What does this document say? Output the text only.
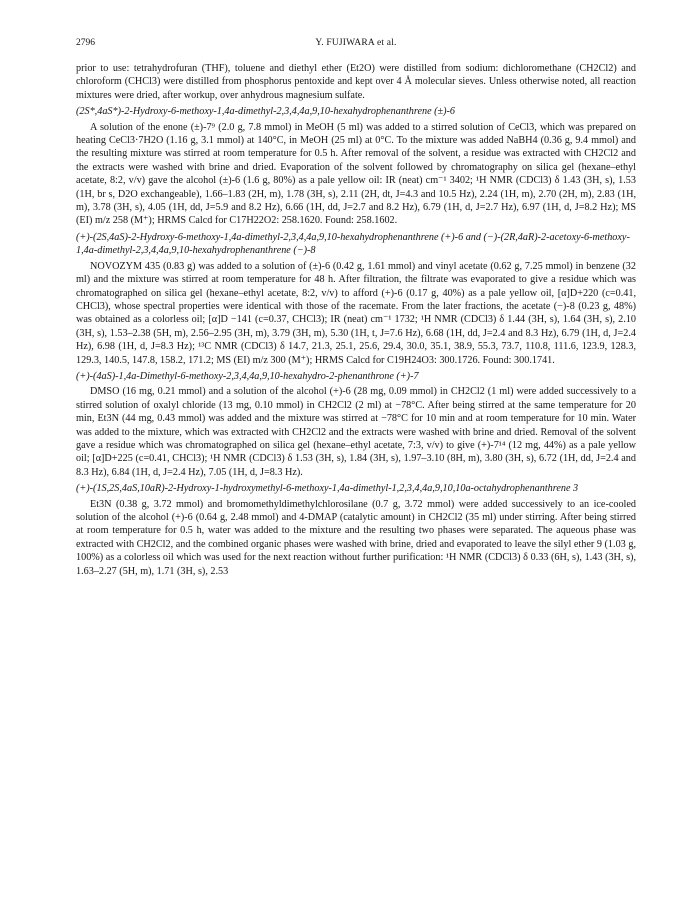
2796	Y. FUJIWARA et al.

prior to use: tetrahydrofuran (THF), toluene and diethyl ether (Et2O) were distilled from sodium: dichloromethane (CH2Cl2) and chloroform (CHCl3) were distilled from phosphorus pentoxide and kept over 4 Å molecular sieves. Unless otherwise noted, all reaction mixtures were dried, after workup, over anhydrous magnesium sulfate.

(2S*,4aS*)-2-Hydroxy-6-methoxy-1,4a-dimethyl-2,3,4,4a,9,10-hexahydrophenanthrene (±)-6

A solution of the enone (±)-7⁹ (2.0 g, 7.8 mmol) in MeOH (5 ml) was added to a stirred solution of CeCl3, which was prepared on heating CeCl3·7H2O (1.16 g, 3.1 mmol) at 140°C, in MeOH (25 ml) at 0°C. To the mixture was added NaBH4 (0.36 g, 9.4 mmol) and the resulting mixture was stirred at room temperature for 0.5 h. After removal of the solvent, a residue was extracted with CH2Cl2 and the extracts were washed with brine and dried. Evaporation of the solvent followed by chromatography on silica gel (hexane–ethyl acetate, 8:2, v/v) gave the alcohol (±)-6 (1.6 g, 80%) as a pale yellow oil: IR (neat) cm⁻¹ 3402; ¹H NMR (CDCl3) δ 1.43 (3H, s), 1.53 (1H, br s, D2O exchangeable), 1.66–1.83 (2H, m), 1.78 (3H, s), 2.11 (2H, dt, J=4.3 and 10.5 Hz), 2.24 (1H, m), 2.70 (2H, m), 2.83 (1H, m), 3.78 (3H, s), 4.05 (1H, dd, J=5.9 and 8.2 Hz), 6.66 (1H, dd, J=2.7 and 8.2 Hz), 6.79 (1H, d, J=2.7 Hz), 6.97 (1H, d, J=8.2 Hz); MS (EI) m/z 258 (M⁺); HRMS Calcd for C17H22O2: 258.1620. Found: 258.1602.

(+)-(2S,4aS)-2-Hydroxy-6-methoxy-1,4a-dimethyl-2,3,4,4a,9,10-hexahydrophenanthrene (+)-6 and (−)-(2R,4aR)-2-acetoxy-6-methoxy-1,4a-dimethyl-2,3,4,4a,9,10-hexahydrophenanthrene (−)-8

NOVOZYM 435 (0.83 g) was added to a solution of (±)-6 (0.42 g, 1.61 mmol) and vinyl acetate (0.62 g, 7.25 mmol) in benzene (32 ml) and the mixture was stirred at room temperature for 48 h. After filtration, the filtrate was evaporated to give a residue which was chromatographed on silica gel (hexane–ethyl acetate, 8:2, v/v) to afford (+)-6 (0.17 g, 40%) as a pale yellow oil, [α]D+220 (c=0.41, CHCl3), whose spectral properties were identical with those of the racemate. From the later fractions, the acetate (−)-8 (0.23 g, 48%) was obtained as a colorless oil; [α]D −141 (c=0.37, CHCl3); IR (neat) cm⁻¹ 1732; ¹H NMR (CDCl3) δ 1.44 (3H, s), 1.64 (3H, s), 2.10 (3H, s), 1.53–2.38 (5H, m), 2.56–2.95 (3H, m), 3.79 (3H, m), 5.30 (1H, t, J=7.6 Hz), 6.68 (1H, dd, J=2.4 and 8.3 Hz), 6.79 (1H, d, J=2.4 Hz), 6.98 (1H, d, J=8.3 Hz); ¹³C NMR (CDCl3) δ 14.7, 21.3, 25.1, 25.6, 29.4, 30.0, 35.1, 38.9, 55.3, 73.7, 110.8, 111.6, 123.9, 128.3, 129.3, 140.5, 147.8, 158.2, 171.2; MS (EI) m/z 300 (M⁺); HRMS Calcd for C19H24O3: 300.1726. Found: 300.1741.

(+)-(4aS)-1,4a-Dimethyl-6-methoxy-2,3,4,4a,9,10-hexahydro-2-phenanthrone (+)-7

DMSO (16 mg, 0.21 mmol) and a solution of the alcohol (+)-6 (28 mg, 0.09 mmol) in CH2Cl2 (1 ml) were added successively to a stirred solution of oxalyl chloride (13 mg, 0.10 mmol) in CH2Cl2 (2 ml) at −78°C. After being stirred at the same temperature for 20 min, Et3N (44 mg, 0.43 mmol) was added and the mixture was stirred at −78°C for 10 min and at room temperature for 10 min. Water was added to the mixture, which was extracted with CH2Cl2 and the extracts were washed with brine and dried. Removal of the solvent gave a residue which was chromatographed on silica gel (hexane–ethyl acetate, 7:3, v/v) to give (+)-7¹⁴ (12 mg, 44%) as a pale yellow oil; [α]D+225 (c=0.41, CHCl3); ¹H NMR (CDCl3) δ 1.53 (3H, s), 1.84 (3H, s), 1.97–3.10 (8H, m), 3.80 (3H, s), 6.72 (1H, dd, J=2.4 and 8.3 Hz), 6.84 (1H, d, J=2.4 Hz), 7.05 (1H, d, J=8.3 Hz).

(+)-(1S,2S,4aS,10aR)-2-Hydroxy-1-hydroxymethyl-6-methoxy-1,4a-dimethyl-1,2,3,4,4a,9,10,10a-octahydrophenanthrene 3

Et3N (0.38 g, 3.72 mmol) and bromomethyldimethylchlorosilane (0.7 g, 3.72 mmol) were added successively to an ice-cooled solution of the alcohol (+)-6 (0.64 g, 2.48 mmol) and 4-DMAP (catalytic amount) in CH2Cl2 (35 ml) under stirring. After being stirred at room temperature for 0.5 h, water was added to the mixture and the resulting two phases were separated. The aqueous phase was extracted with CH2Cl2, and the combined organic phases were washed with brine, dried and evaporated to leave the silyl ether 9 (1.03 g, 100%) as a colorless oil which was used for the next reaction without further purification: ¹H NMR (CDCl3) δ 0.33 (6H, s), 1.43 (3H, s), 1.63–2.27 (5H, m), 1.71 (3H, s), 2.53
